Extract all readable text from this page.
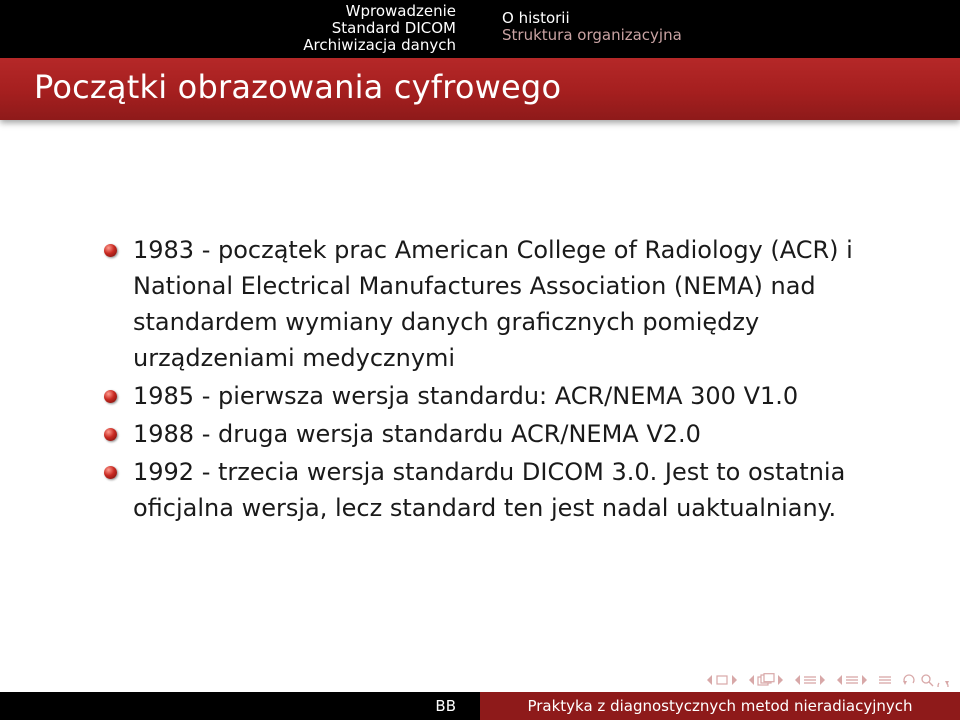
Wprowadzenie
Standard DICOM
Archiwizacja danych
O historii
Struktura organizacyjna
Początki obrazowania cyfrowego
1983 - początek prac American College of Radiology (ACR) i National Electrical Manufactures Association (NEMA) nad standardem wymiany danych graficznych pomiędzy urządzeniami medycznymi
1985 - pierwsza wersja standardu: ACR/NEMA 300 V1.0
1988 - druga wersja standardu ACR/NEMA V2.0
1992 - trzecia wersja standardu DICOM 3.0. Jest to ostatnia oficjalna wersja, lecz standard ten jest nadal uaktualniany.
BB	Praktyka z diagnostycznych metod nieradiacyjnych
